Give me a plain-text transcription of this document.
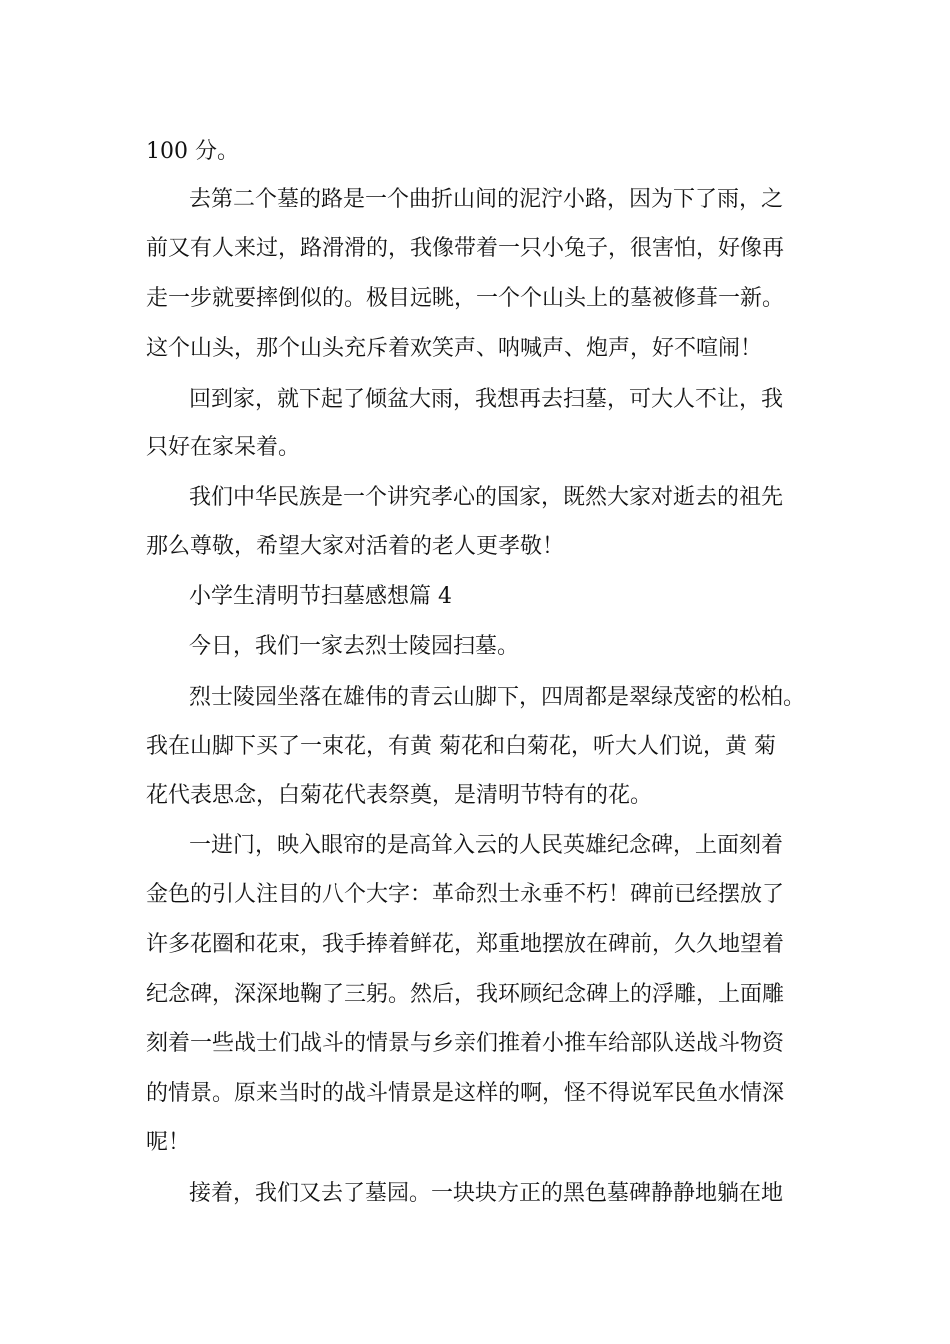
100 分。
去第二个墓的路是一个曲折山间的泥泞小路，因为下了雨，之
前又有人来过，路滑滑的，我像带着一只小兔子，很害怕，好像再
走一步就要摔倒似的。极目远眺，一个个山头上的墓被修葺一新。
这个山头，那个山头充斥着欢笑声、呐喊声、炮声，好不喧闹！
回到家，就下起了倾盆大雨，我想再去扫墓，可大人不让，我
只好在家呆着。
我们中华民族是一个讲究孝心的国家，既然大家对逝去的祖先
那么尊敬，希望大家对活着的老人更孝敬！
小学生清明节扫墓感想篇 4
今日，我们一家去烈士陵园扫墓。
烈士陵园坐落在雄伟的青云山脚下，四周都是翠绿茂密的松柏。
我在山脚下买了一束花，有黄 菊花和白菊花，听大人们说，黄 菊
花代表思念，白菊花代表祭奠，是清明节特有的花。
一进门，映入眼帘的是高耸入云的人民英雄纪念碑，上面刻着
金色的引人注目的八个大字：革命烈士永垂不朽！碑前已经摆放了
许多花圈和花束，我手捧着鲜花，郑重地摆放在碑前，久久地望着
纪念碑，深深地鞠了三躬。然后，我环顾纪念碑上的浮雕，上面雕
刻着一些战士们战斗的情景与乡亲们推着小推车给部队送战斗物资
的情景。原来当时的战斗情景是这样的啊，怪不得说军民鱼水情深
呢！
接着，我们又去了墓园。一块块方正的黑色墓碑静静地躺在地
